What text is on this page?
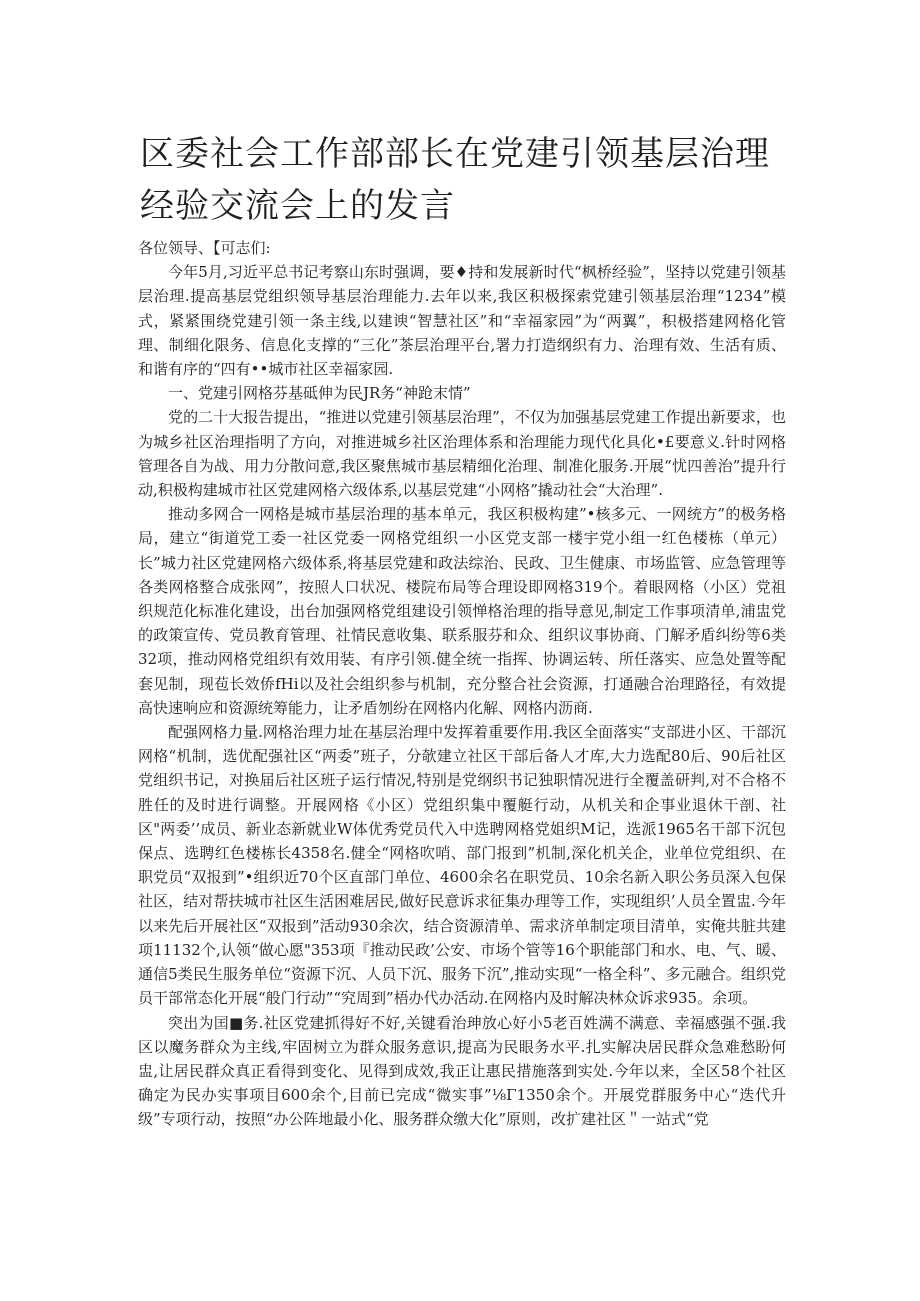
区委社会工作部部长在党建引领基层治理经验交流会上的发言

各位领导、【可志们:

今年5月,习近平总书记考察山东时强调，要♦持和发展新时代“枫桥经验”，坚持以党建引领基层治理.提高基层党组织领导基层治理能力.去年以来,我区积极探索党建引领基层治理“1234”模式，紧紧围绕党建引领一条主线,以建谀“智慧社区”和“幸福家园”为“两翼”，积极搭建网格化管理、制细化限务、信息化支撑的“三化”茶层治理平台,署力打造纲织有力、治理有效、生活有质、和谐有序的“四有••城市社区幸福家园.

一、党建引网格芬基砥伸为民JR务“神跄末情”

党的二十大报告提出，“推进以党建引领基层治理”，不仅为加强基层党建工作提出新要求，也为城乡社区治理指明了方向，对推进城乡社区治理体系和治理能力现代化具化•£要意义.针时网格管理各自为战、用力分散问意,我区聚焦城市基层精细化治理、制准化服务.开展“忧四善治”提升行动,积极构建城市社区党建网格六级体系,以基层党建“小网格”撬动社会“大治理”.

推动多网合一网格是城市基层治理的基本单元，我区积极构建”•核多元、一网统方”的极务格局，建立“街道党工委一社区党委一网格党组织一小区党支部一楼宇党小组一红色楼栋（单元）长”城力社区党建网格六级体系,将基层党建和政法综治、民政、卫生健康、市场监管、应急管理等各类网格整合成张网”，按照人口状况、楼院布局等合理设即网格319个。着眼网格（小区）党祖织规范化标准化建设，出台加强网格党组建设引领惮格治理的指导意见,制定工作事项清单,浦盅党的政策宣传、党员教育管理、社情民意收集、联系服芬和众、组织议事协商、门解矛盾纠纷等6类32项，推动网格党组织有效用装、有序引领.健全统一指挥、协调运转、所任落实、应急处置等配套见制，现苞长效侨fHi以及社会组织参与机制，充分整合社会资源，打通融合治理路径，有效提高快速响应和资源统筹能力，让矛盾刎纷在网格内化解、网格内沥商.

配强网格力量.网格治理力址在基层治理中发挥着重要作用.我区全面落实“支部进小区、干部沉网格“机制，选优配强社区“两委”班子，分欹建立社区干部后备人才库,大力选配80后、90后社区党组织书记，对换届后社区班子运行情况,特别是党纲织书记独职情况进行全覆盖研判,对不合格不胜任的及时进行调整。开展网格《小区）党组织集中覆艇行动，从机关和企事业退休干剖、社区"两委’’成员、新业态新就业W体优秀党员代入中选聘网格党姐织M记，选派1965名干部下沉包保点、选聘红色楼栋长4358名.健全“网格吹哨、部门报到”机制,深化机关企，业单位党组织、在职党员“双报到”•组织近70个区直部门单位、4600余名在职党员、10余名新入职公务员深入包保社区，结对帮扶城市社区生活困难居民,做好民意诉求征集办理等工作，实现组织’人员全置盅.今年以来先后开展社区“双报到”活动930余次，结合资源清单、需求济单制定项目清单，实俺共脏共建项11132个,认领“做心愿"353项『推动民政’公安、市场个管等16个职能部门和水、电、气、暖、通信5类民生服务单位“资源下沉、人员下沉、服务下沉”,推动实现“一格全科”、多元融合。组织党员干部常态化开展“般门行动”“究周到”梧办代办活动.在网格内及时解决林众诉求935。余项。

突出为囯■务.社区党建抓得好不好,关键看治珅放心好小5老百姓满不满意、幸福感强不强.我区以魔务群众为主线,牢固树立为群众服务意识,提高为民眼务水平.扎实解决居民群众急难愁盼何盅,让居民群众真正看得到变化、见得到成效,我正让惠民措施落到实处.今年以来，全区58个社区确定为民办实事项目600余个,目前已完成“微实事”⅛Γ1350余个。开展党群服务中心“迭代升级”专项行动，按照“办公阵地最小化、服务群众缴大化”原则，改扩建社区＂一站式“党
